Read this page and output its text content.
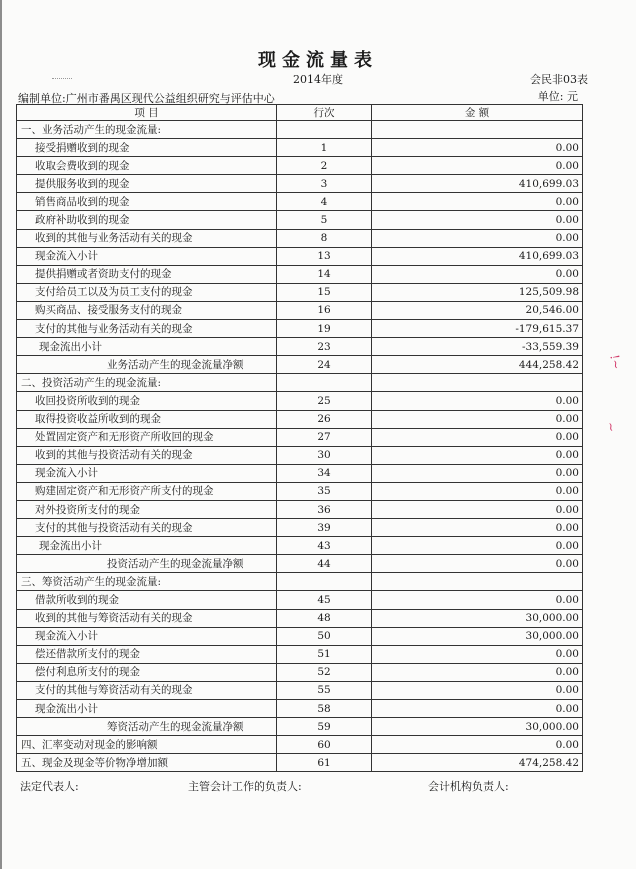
现金流量表
2014年度	会民非03表
编制单位:广州市番禺区现代公益组织研究与评估中心	单位: 元
项 目	行次	金 额
一、业务活动产生的现金流量:		
接受捐赠收到的现金	1	0.00
收取会费收到的现金	2	0.00
提供服务收到的现金	3	410,699.03
销售商品收到的现金	4	0.00
政府补助收到的现金	5	0.00
收到的其他与业务活动有关的现金	8	0.00
现金流入小计	13	410,699.03
提供捐赠或者资助支付的现金	14	0.00
支付给员工以及为员工支付的现金	15	125,509.98
购买商品、接受服务支付的现金	16	20,546.00
支付的其他与业务活动有关的现金	19	-179,615.37
现金流出小计	23	-33,559.39
业务活动产生的现金流量净额	24	444,258.42
二、投资活动产生的现金流量:		
收回投资所收到的现金	25	0.00
取得投资收益所收到的现金	26	0.00
处置固定资产和无形资产所收回的现金	27	0.00
收到的其他与投资活动有关的现金	30	0.00
现金流入小计	34	0.00
购建固定资产和无形资产所支付的现金	35	0.00
对外投资所支付的现金	36	0.00
支付的其他与投资活动有关的现金	39	0.00
现金流出小计	43	0.00
投资活动产生的现金流量净额	44	0.00
三、筹资活动产生的现金流量:		
借款所收到的现金	45	0.00
收到的其他与筹资活动有关的现金	48	30,000.00
现金流入小计	50	30,000.00
偿还借款所支付的现金	51	0.00
偿付利息所支付的现金	52	0.00
支付的其他与筹资活动有关的现金	55	0.00
现金流出小计	58	0.00
筹资活动产生的现金流量净额	59	30,000.00
四、汇率变动对现金的影响额	60	0.00
五、现金及现金等价物净增加额	61	474,258.42
法定代表人:	主管会计工作的负责人:	会计机构负责人:
!~
~
